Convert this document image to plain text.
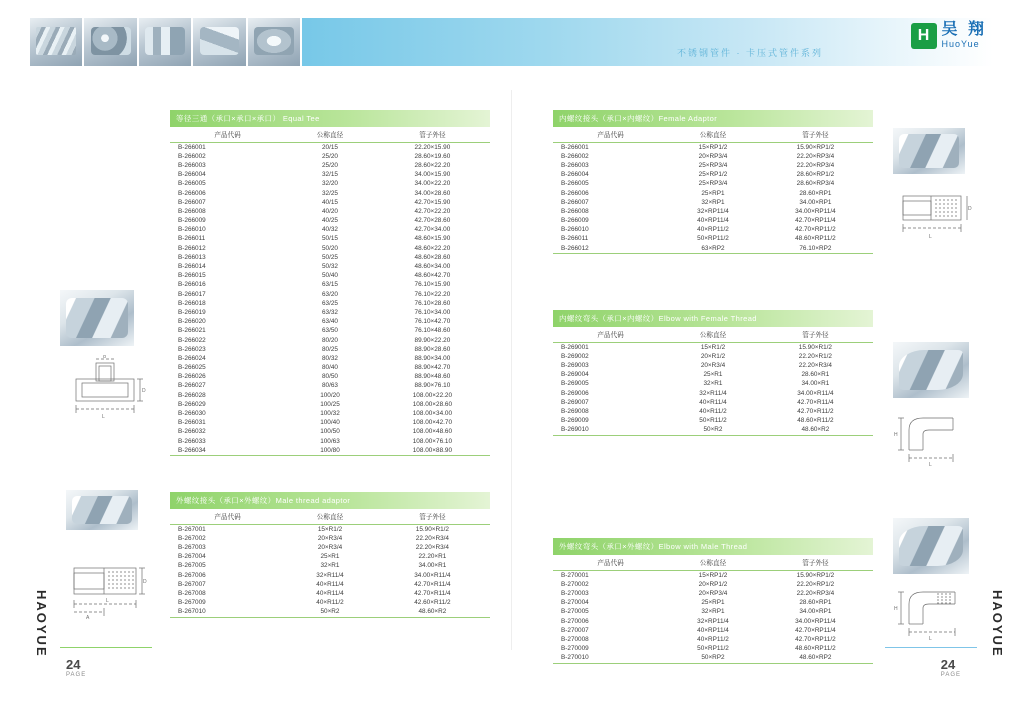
不锈钢管件 · 卡压式管件系列
H 吴 翔
HuoYue
等径三通（承口×承口×承口） Equal Tee
产品代码	公称直径	管子外径
B-266001	20/15	22.20×15.90
B-266002	25/20	28.60×19.60
B-266003	25/20	28.60×22.20
B-266004	32/15	34.00×15.90
B-266005	32/20	34.00×22.20
B-266006	32/25	34.00×28.60
B-266007	40/15	42.70×15.90
B-266008	40/20	42.70×22.20
B-266009	40/25	42.70×28.60
B-266010	40/32	42.70×34.00
B-266011	50/15	48.60×15.90
B-266012	50/20	48.60×22.20
B-266013	50/25	48.60×28.60
B-266014	50/32	48.60×34.00
B-266015	50/40	48.60×42.70
B-266016	63/15	76.10×15.90
B-266017	63/20	76.10×22.20
B-266018	63/25	76.10×28.60
B-266019	63/32	76.10×34.00
B-266020	63/40	76.10×42.70
B-266021	63/50	76.10×48.60
B-266022	80/20	89.90×22.20
B-266023	80/25	88.90×28.60
B-266024	80/32	88.90×34.00
B-266025	80/40	88.90×42.70
B-266026	80/50	88.90×48.60
B-266027	80/63	88.90×76.10
B-266028	100/20	108.00×22.20
B-266029	100/25	108.00×28.60
B-266030	100/32	108.00×34.00
B-266031	100/40	108.00×42.70
B-266032	100/50	108.00×48.60
B-266033	100/63	108.00×76.10
B-266034	100/80	108.00×88.90
L
D
d
外螺纹接头（承口×外螺纹）Male thread adaptor
产品代码	公称直径	管子外径
B-267001	15×R1/2	15.90×R1/2
B-267002	20×R3/4	22.20×R3/4
B-267003	20×R3/4	22.20×R3/4
B-267004	25×R1	22.20×R1
B-267005	32×R1	34.00×R1
B-267006	32×R11/4	34.00×R11/4
B-267007	40×R11/4	42.70×R11/4
B-267008	40×R11/4	42.70×R11/4
B-267009	40×R11/2	42.60×R11/2
B-267010	50×R2	48.60×R2
A
L
D
内螺纹接头（承口×内螺纹）Female Adaptor
产品代码	公称直径	管子外径
B-266001	15×RP1/2	15.90×RP1/2
B-266002	20×RP3/4	22.20×RP3/4
B-266003	25×RP3/4	22.20×RP3/4
B-266004	25×RP1/2	28.60×RP1/2
B-266005	25×RP3/4	28.60×RP3/4
B-266006	25×RP1	28.60×RP1
B-266007	32×RP1	34.00×RP1
B-266008	32×RP11/4	34.00×RP11/4
B-266009	40×RP11/4	42.70×RP11/4
B-266010	40×RP11/2	42.70×RP11/2
B-266011	50×RP11/2	48.60×RP11/2
B-266012	63×RP2	76.10×RP2
L
D
内螺纹弯头（承口×内螺纹）Elbow with Female Thread
产品代码	公称直径	管子外径
B-269001	15×R1/2	15.90×R1/2
B-269002	20×R1/2	22.20×R1/2
B-269003	20×R3/4	22.20×R3/4
B-269004	25×R1	28.60×R1
B-269005	32×R1	34.00×R1
B-269006	32×R11/4	34.00×R11/4
B-269007	40×R11/4	42.70×R11/4
B-269008	40×R11/2	42.70×R11/2
B-269009	50×R11/2	48.60×R11/2
B-269010	50×R2	48.60×R2
L
H
外螺纹弯头（承口×外螺纹）Elbow with Male Thread
产品代码	公称直径	管子外径
B-270001	15×RP1/2	15.90×RP1/2
B-270002	20×RP1/2	22.20×RP1/2
B-270003	20×RP3/4	22.20×RP3/4
B-270004	25×RP1	28.60×RP1
B-270005	32×RP1	34.00×RP1
B-270006	32×RP11/4	34.00×RP11/4
B-270007	40×RP11/4	42.70×RP11/4
B-270008	40×RP11/2	42.70×RP11/2
B-270009	50×RP11/2	48.60×RP11/2
B-270010	50×RP2	48.60×RP2
L
H
HAOYUE
24
PAGE
HAOYUE
24
PAGE
